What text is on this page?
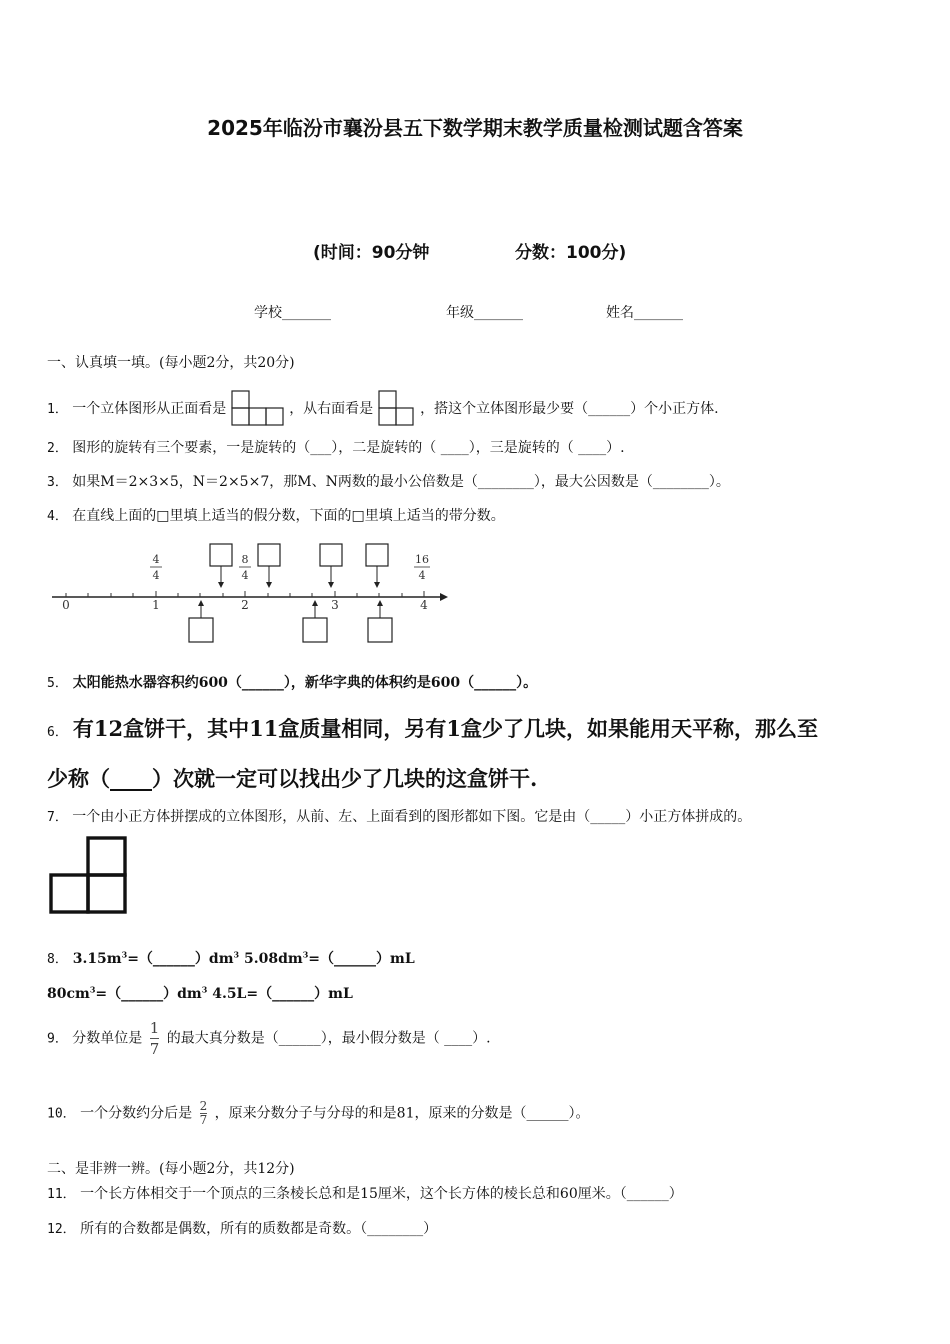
2025年临汾市襄汾县五下数学期末教学质量检测试题含答案
(时间：90分钟	分数：100分)
学校_______	年级_______	姓名_______
一、认真填一填。(每小题2分，共20分)
1． 一个立体图形从正面看是	，从右面看是	，搭这个立体图形最少要（______）个小正方体.
2． 图形的旋转有三个要素，一是旋转的（___），二是旋转的（ ____），三是旋转的（ ____）.
3． 如果M＝2×3×5，N＝2×5×7，那M、N两数的最小公倍数是（________），最大公因数是（________）。
4． 在直线上面的□里填上适当的假分数，下面的□里填上适当的带分数。
0	1	2	3	4
4
4
8
4
16
4
5． 太阳能热水器容积约600（______），新华字典的体积约是600（______）。
6． 有12盒饼干，其中11盒质量相同，另有1盒少了几块，如果能用天平称，那么至
少称（____）次就一定可以找出少了几块的这盒饼干.
7． 一个由小正方体拼摆成的立体图形，从前、左、上面看到的图形都如下图。它是由（_____）小正方体拼成的。
8． $3.15m^3=(\_\_\_\_\_\_)dm^3$ $5.08dm^3=(\_\_\_\_\_\_)mL$
$80cm^3=(\_\_\_\_\_\_)dm^3$ 4.5L=（______）mL
9． 分数单位是 $\frac{1}{7}$ 的最大真分数是（______），最小假分数是（ ____）.
10． 一个分数约分后是 $\frac{2}{7}$ ，原来分数分子与分母的和是81，原来的分数是（______）。
二、是非辨一辨。(每小题2分，共12分)
11． 一个长方体相交于一个顶点的三条棱长总和是15厘米，这个长方体的棱长总和60厘米。（______）
12． 所有的合数都是偶数，所有的质数都是奇数。（________）
